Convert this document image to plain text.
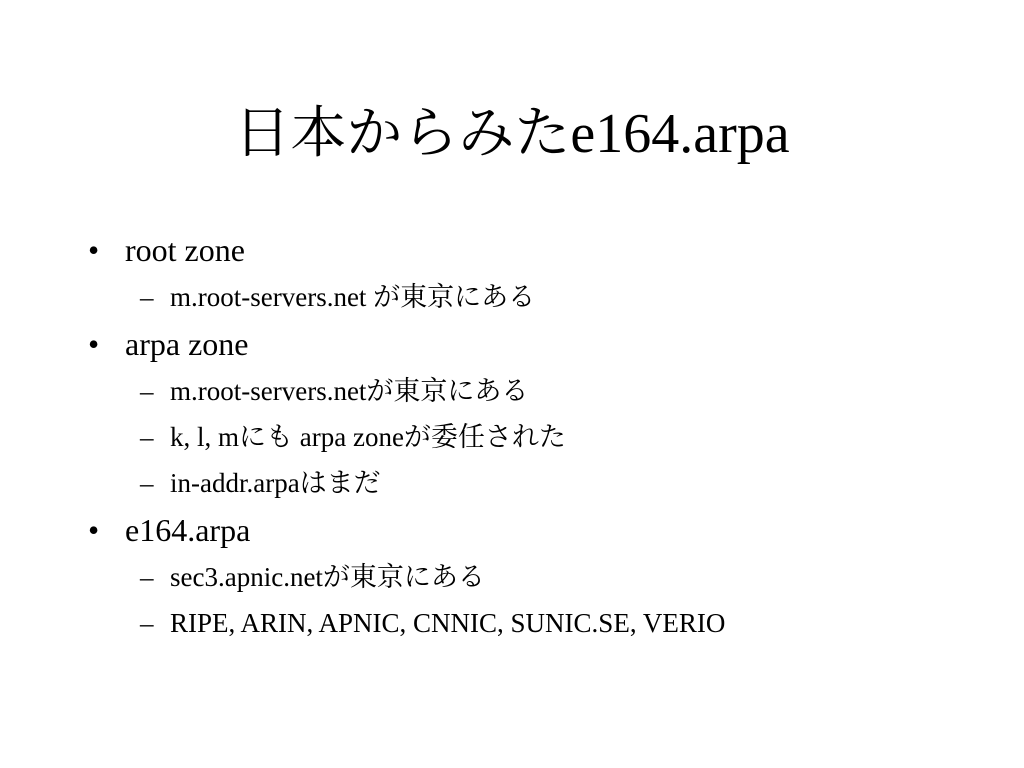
日本からみたe164.arpa
• root zone
– m.root-servers.net が東京にある
• arpa zone
– m.root-servers.netが東京にある
– k, l, mにも arpa zoneが委任された
– in-addr.arpaはまだ
• e164.arpa
– sec3.apnic.netが東京にある
– RIPE, ARIN, APNIC, CNNIC, SUNIC.SE, VERIO
